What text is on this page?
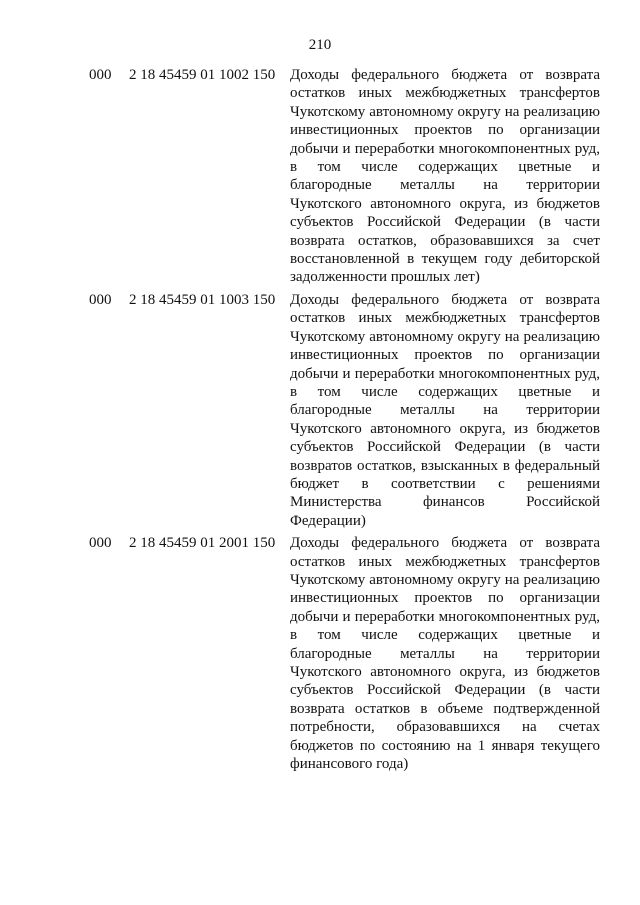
210
000 2 18 45459 01 1002 150 Доходы федерального бюджета от возврата остатков иных межбюджетных трансфертов Чукотскому автономному округу на реализацию инвестиционных проектов по организации добычи и переработки многокомпонентных руд, в том числе содержащих цветные и благородные металлы на территории Чукотского автономного округа, из бюджетов субъектов Российской Федерации (в части возврата остатков, образовавшихся за счет восстановленной в текущем году дебиторской задолженности прошлых лет)
000 2 18 45459 01 1003 150 Доходы федерального бюджета от возврата остатков иных межбюджетных трансфертов Чукотскому автономному округу на реализацию инвестиционных проектов по организации добычи и переработки многокомпонентных руд, в том числе содержащих цветные и благородные металлы на территории Чукотского автономного округа, из бюджетов субъектов Российской Федерации (в части возвратов остатков, взысканных в федеральный бюджет в соответствии с решениями Министерства финансов Российской Федерации)
000 2 18 45459 01 2001 150 Доходы федерального бюджета от возврата остатков иных межбюджетных трансфертов Чукотскому автономному округу на реализацию инвестиционных проектов по организации добычи и переработки многокомпонентных руд, в том числе содержащих цветные и благородные металлы на территории Чукотского автономного округа, из бюджетов субъектов Российской Федерации (в части возврата остатков в объеме подтвержденной потребности, образовавшихся на счетах бюджетов по состоянию на 1 января текущего финансового года)
